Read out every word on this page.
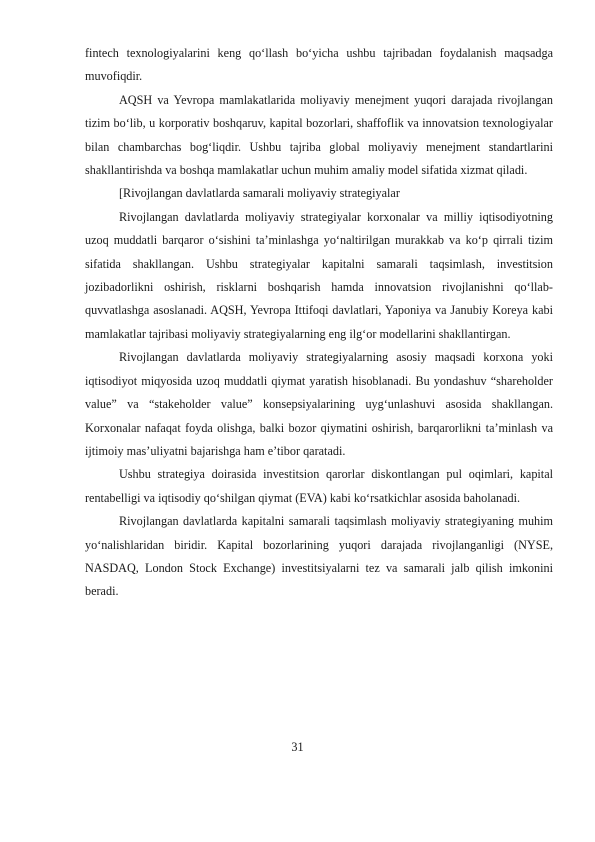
fintech texnologiyalarini keng qo‘llash bo‘yicha ushbu tajribadan foydalanish maqsadga muvofiqdir.

AQSH va Yevropa mamlakatlarida moliyaviy menejment yuqori darajada rivojlangan tizim bo‘lib, u korporativ boshqaruv, kapital bozorlari, shaffoflik va innovatsion texnologiyalar bilan chambarchas bog‘liqdir. Ushbu tajriba global moliyaviy menejment standartlarini shakllantirishda va boshqa mamlakatlar uchun muhim amaliy model sifatida xizmat qiladi.

[Rivojlangan davlatlarda samarali moliyaviy strategiyalar

Rivojlangan davlatlarda moliyaviy strategiyalar korxonalar va milliy iqtisodiyotning uzoq muddatli barqaror o‘sishini ta’minlashga yo‘naltirilgan murakkab va ko‘p qirrali tizim sifatida shakllangan. Ushbu strategiyalar kapitalni samarali taqsimlash, investitsion jozibadorlikni oshirish, risklarni boshqarish hamda innovatsion rivojlanishni qo‘llab-quvvatlashga asoslanadi. AQSH, Yevropa Ittifoqi davlatlari, Yaponiya va Janubiy Koreya kabi mamlakatlar tajribasi moliyaviy strategiyalarning eng ilg‘or modellarini shakllantirgan.

Rivojlangan davlatlarda moliyaviy strategiyalarning asosiy maqsadi korxona yoki iqtisodiyot miqyosida uzoq muddatli qiymat yaratish hisoblanadi. Bu yondashuv “shareholder value” va “stakeholder value” konsepsiyalarining uyg‘unlashuvi asosida shakllangan. Korxonalar nafaqat foyda olishga, balki bozor qiymatini oshirish, barqarorlikni ta’minlash va ijtimoiy mas’uliyatni bajarishga ham e’tibor qaratadi.

Ushbu strategiya doirasida investitsion qarorlar diskontlangan pul oqimlari, kapital rentabelligi va iqtisodiy qo‘shilgan qiymat (EVA) kabi ko‘rsatkichlar asosida baholanadi.

Rivojlangan davlatlarda kapitalni samarali taqsimlash moliyaviy strategiyaning muhim yo‘nalishlaridan biridir. Kapital bozorlarining yuqori darajada rivojlanganligi (NYSE, NASDAQ, London Stock Exchange) investitsiyalarni tez va samarali jalb qilish imkonini beradi.

31
